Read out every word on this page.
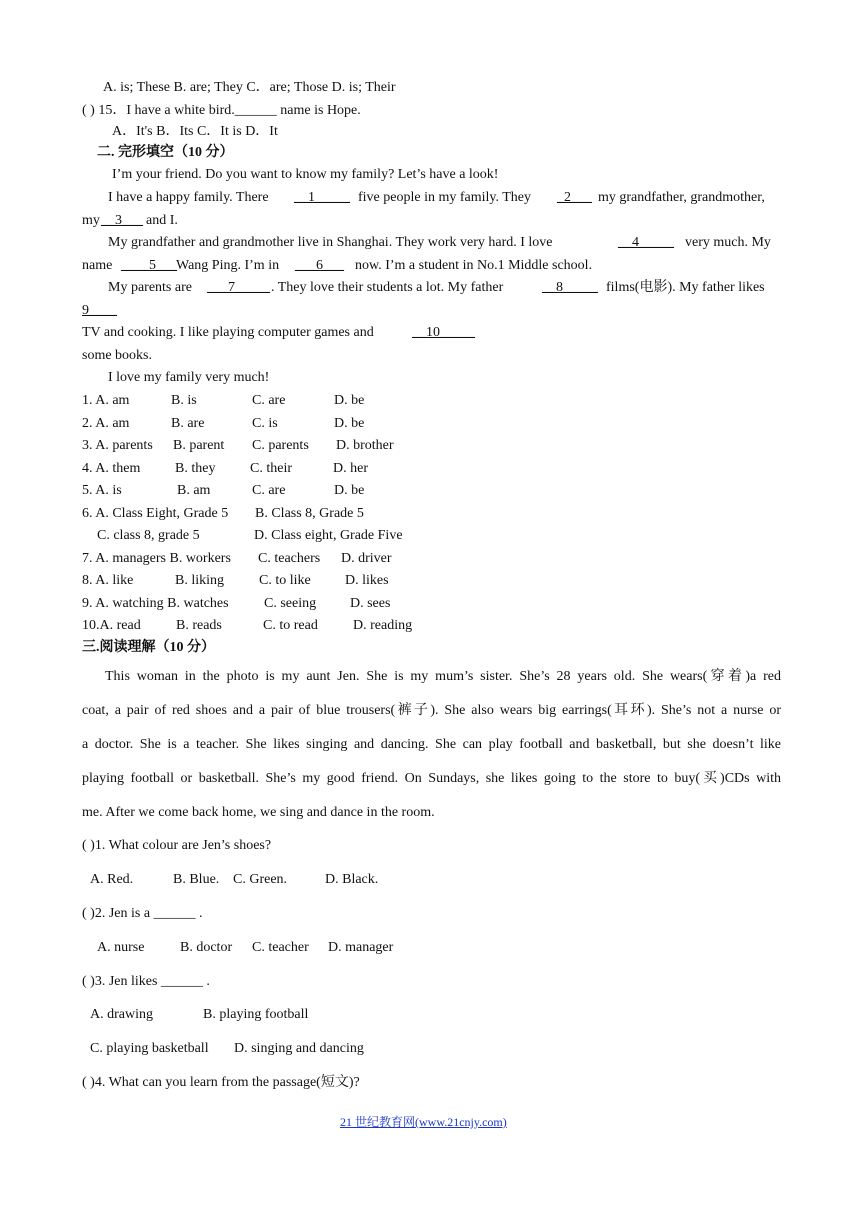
A. is; These B. are; They C．are; Those D. is; Their
( ) 15．I have a white bird.______ name is Hope.
A．It's B．Its C．It is D．It
二. 完形填空（10 分）
I’m your friend. Do you want to know my family? Let’s have a look!
I have a happy family. There __1_____ five people in my family. They _2___ my grandfather, grandmother,
my __3___ and I.
My grandfather and grandmother live in Shanghai. They work very hard. I love	__4_____ very much. My
name ____5___ Wang Ping. I’m in ___6___ now. I’m a student in No.1 Middle school.
My parents are ___7_____ . They love their students a lot. My father	__8_____ films(电影). My father likes
9____
TV and cooking. I like playing computer games and	__10_____
some books.
I love my family very much!
1. A. am	B. is	C. are	D. be
2. A. am	B. are	C. is	D. be
3. A. parents B. parent C. parents D. brother
4. A. them B. they C. their	D. her
5. A. is	B. am	C. are	D. be
6. A. Class Eight, Grade 5 B. Class 8, Grade 5
C. class 8, grade 5	D. Class eight, Grade Five
7. A. managers B. workers C. teachers D. driver
8. A. like	B. liking C. to like D. likes
9. A. watching B. watches	C. seeing D. sees
10.A. read	B. reads	C. to read	D. reading
三.阅读理解（10 分）
This woman in the photo is my aunt Jen. She is my mum’s sister. She’s 28 years old. She wears(穿着)a red
coat, a pair of red shoes and a pair of blue trousers(裤子). She also wears big earrings(耳环). She’s not a nurse or
a doctor. She is a teacher. She likes singing and dancing. She can play football and basketball, but she doesn’t like
playing football or basketball. She’s my good friend. On Sundays, she likes going to the store to buy(买)CDs with
me. After we come back home, we sing and dance in the room.
( )1. What colour are Jen’s shoes?
A. Red.	B. Blue. C. Green.	D. Black.
( )2. Jen is a ______ .
A. nurse	B. doctor C. teacher D. manager
( )3. Jen likes ______ .
A. drawing	B. playing football
C. playing basketball D. singing and dancing
( )4. What can you learn from the passage(短文)?
21 世纪教育网(www.21cnjy.com)
